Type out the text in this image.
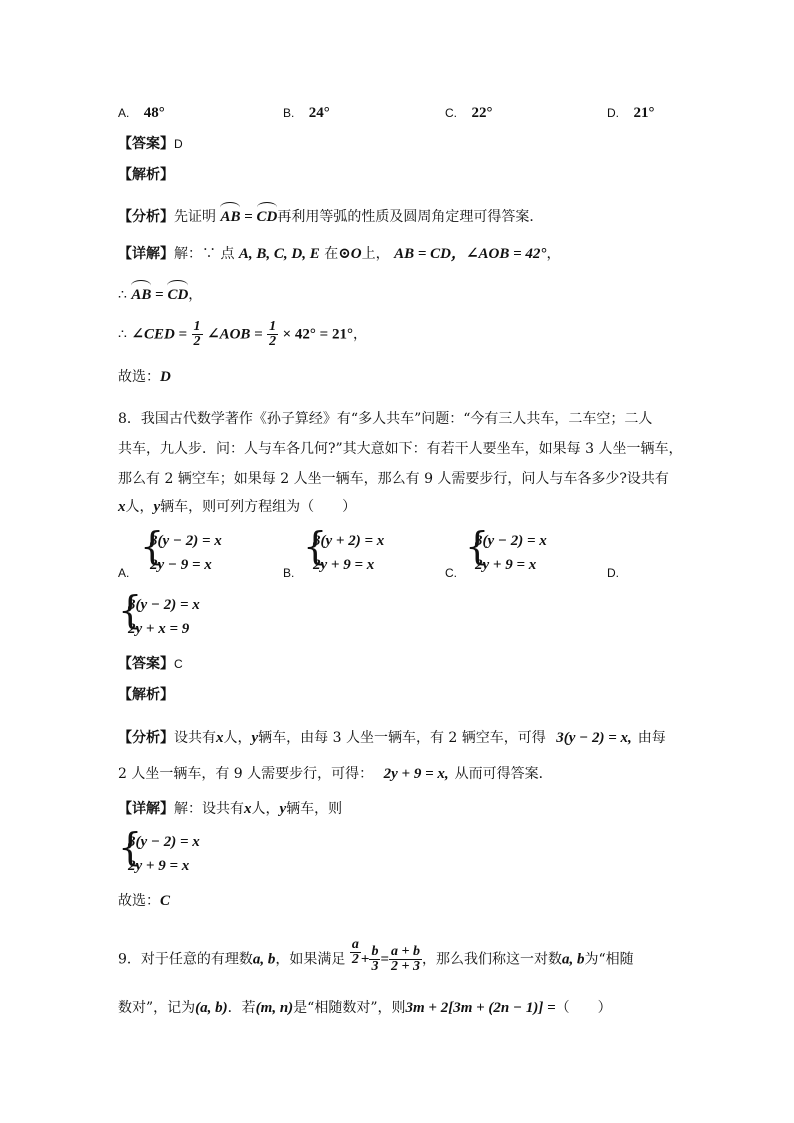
A. 48°	B. 24°	C. 22°	D. 21°
【答案】D
【解析】
【分析】先证明 AB = CD再利用等弧的性质及圆周角定理可得答案．
【详解】解：∵ 点 A, B, C, D, E 在⊙O上， AB = CD，∠AOB = 42°，
∴ AB = CD，
∴ ∠CED = $\frac{1}{2}$ ∠AOB = $\frac{1}{2} \times 42^\circ = 21^\circ$，
故选：D
8．我国古代数学著作《孙子算经》有“多人共车”问题：“今有三人共车，二车空；二人
共车，九人步．问：人与车各几何?”其大意如下：有若干人要坐车，如果每 3 人坐一辆车，
那么有 2 辆空车；如果每 2 人坐一辆车，那么有 9 人需要步行，问人与车各多少?设共有
x人，y辆车，则可列方程组为（　　）
A.
{
3(y − 2) = x
2y − 9 = x	B.
{
3(y + 2) = x
2y + 9 = x	C.
{
3(y − 2) = x
2y + 9 = x	D.
{
3(y − 2) = x
2y + x = 9
【答案】C
【解析】
【分析】设共有x人，y辆车，由每 3 人坐一辆车，有 2 辆空车，可得 3(y − 2) = x, 由每
2 人坐一辆车，有 9 人需要步行，可得： 2y + 9 = x, 从而可得答案．
【详解】解：设共有x人，y辆车，则
{
3(y − 2) = x
2y + 9 = x
故选：C
9．对于任意的有理数a, b，如果满足 $\frac{a}{2} + \frac{b}{3} = \frac{a + b}{2 + 3}$ ，那么我们称这一对数a, b为“相随
数对”，记为(a, b)．若(m, n)是“相随数对”，则3m + 2[3m + (2n − 1)] =（　　）
